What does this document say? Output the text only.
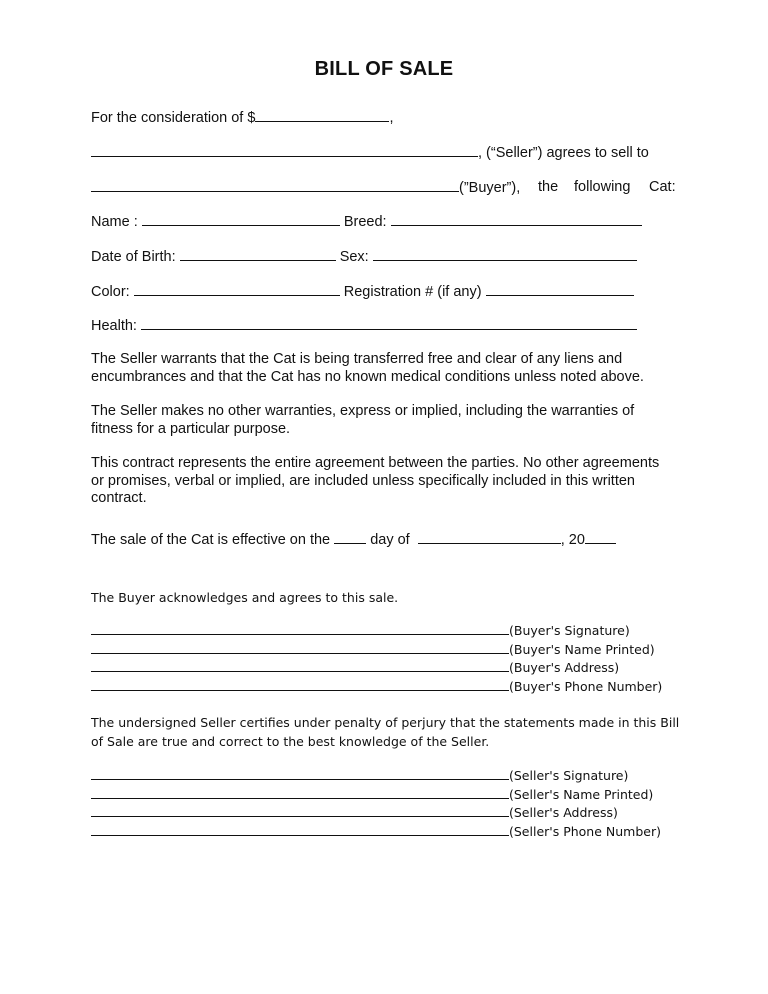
BILL OF SALE
For the consideration of $	,
, (“Seller”) agrees to sell to
(”Buyer”), the following Cat:
Name :	Breed:
Date of Birth:	Sex:
Color:	Registration # (if any)
Health:
The Seller warrants that the Cat is being transferred free and clear of any liens and encumbrances and that the Cat has no known medical conditions unless noted above.
The Seller makes no other warranties, express or implied, including the warranties of fitness for a particular purpose.
This contract represents the entire agreement between the parties. No other agreements or promises, verbal or implied, are included unless specifically included in this written contract.
The sale of the Cat is effective on the	day of	, 20
The Buyer acknowledges and agrees to this sale.
(Buyer's Signature)
(Buyer's Name Printed)
(Buyer's Address)
(Buyer's Phone Number)
The undersigned Seller certifies under penalty of perjury that the statements made in this Bill of Sale are true and correct to the best knowledge of the Seller.
(Seller's Signature)
(Seller's Name Printed)
(Seller's Address)
(Seller's Phone Number)
